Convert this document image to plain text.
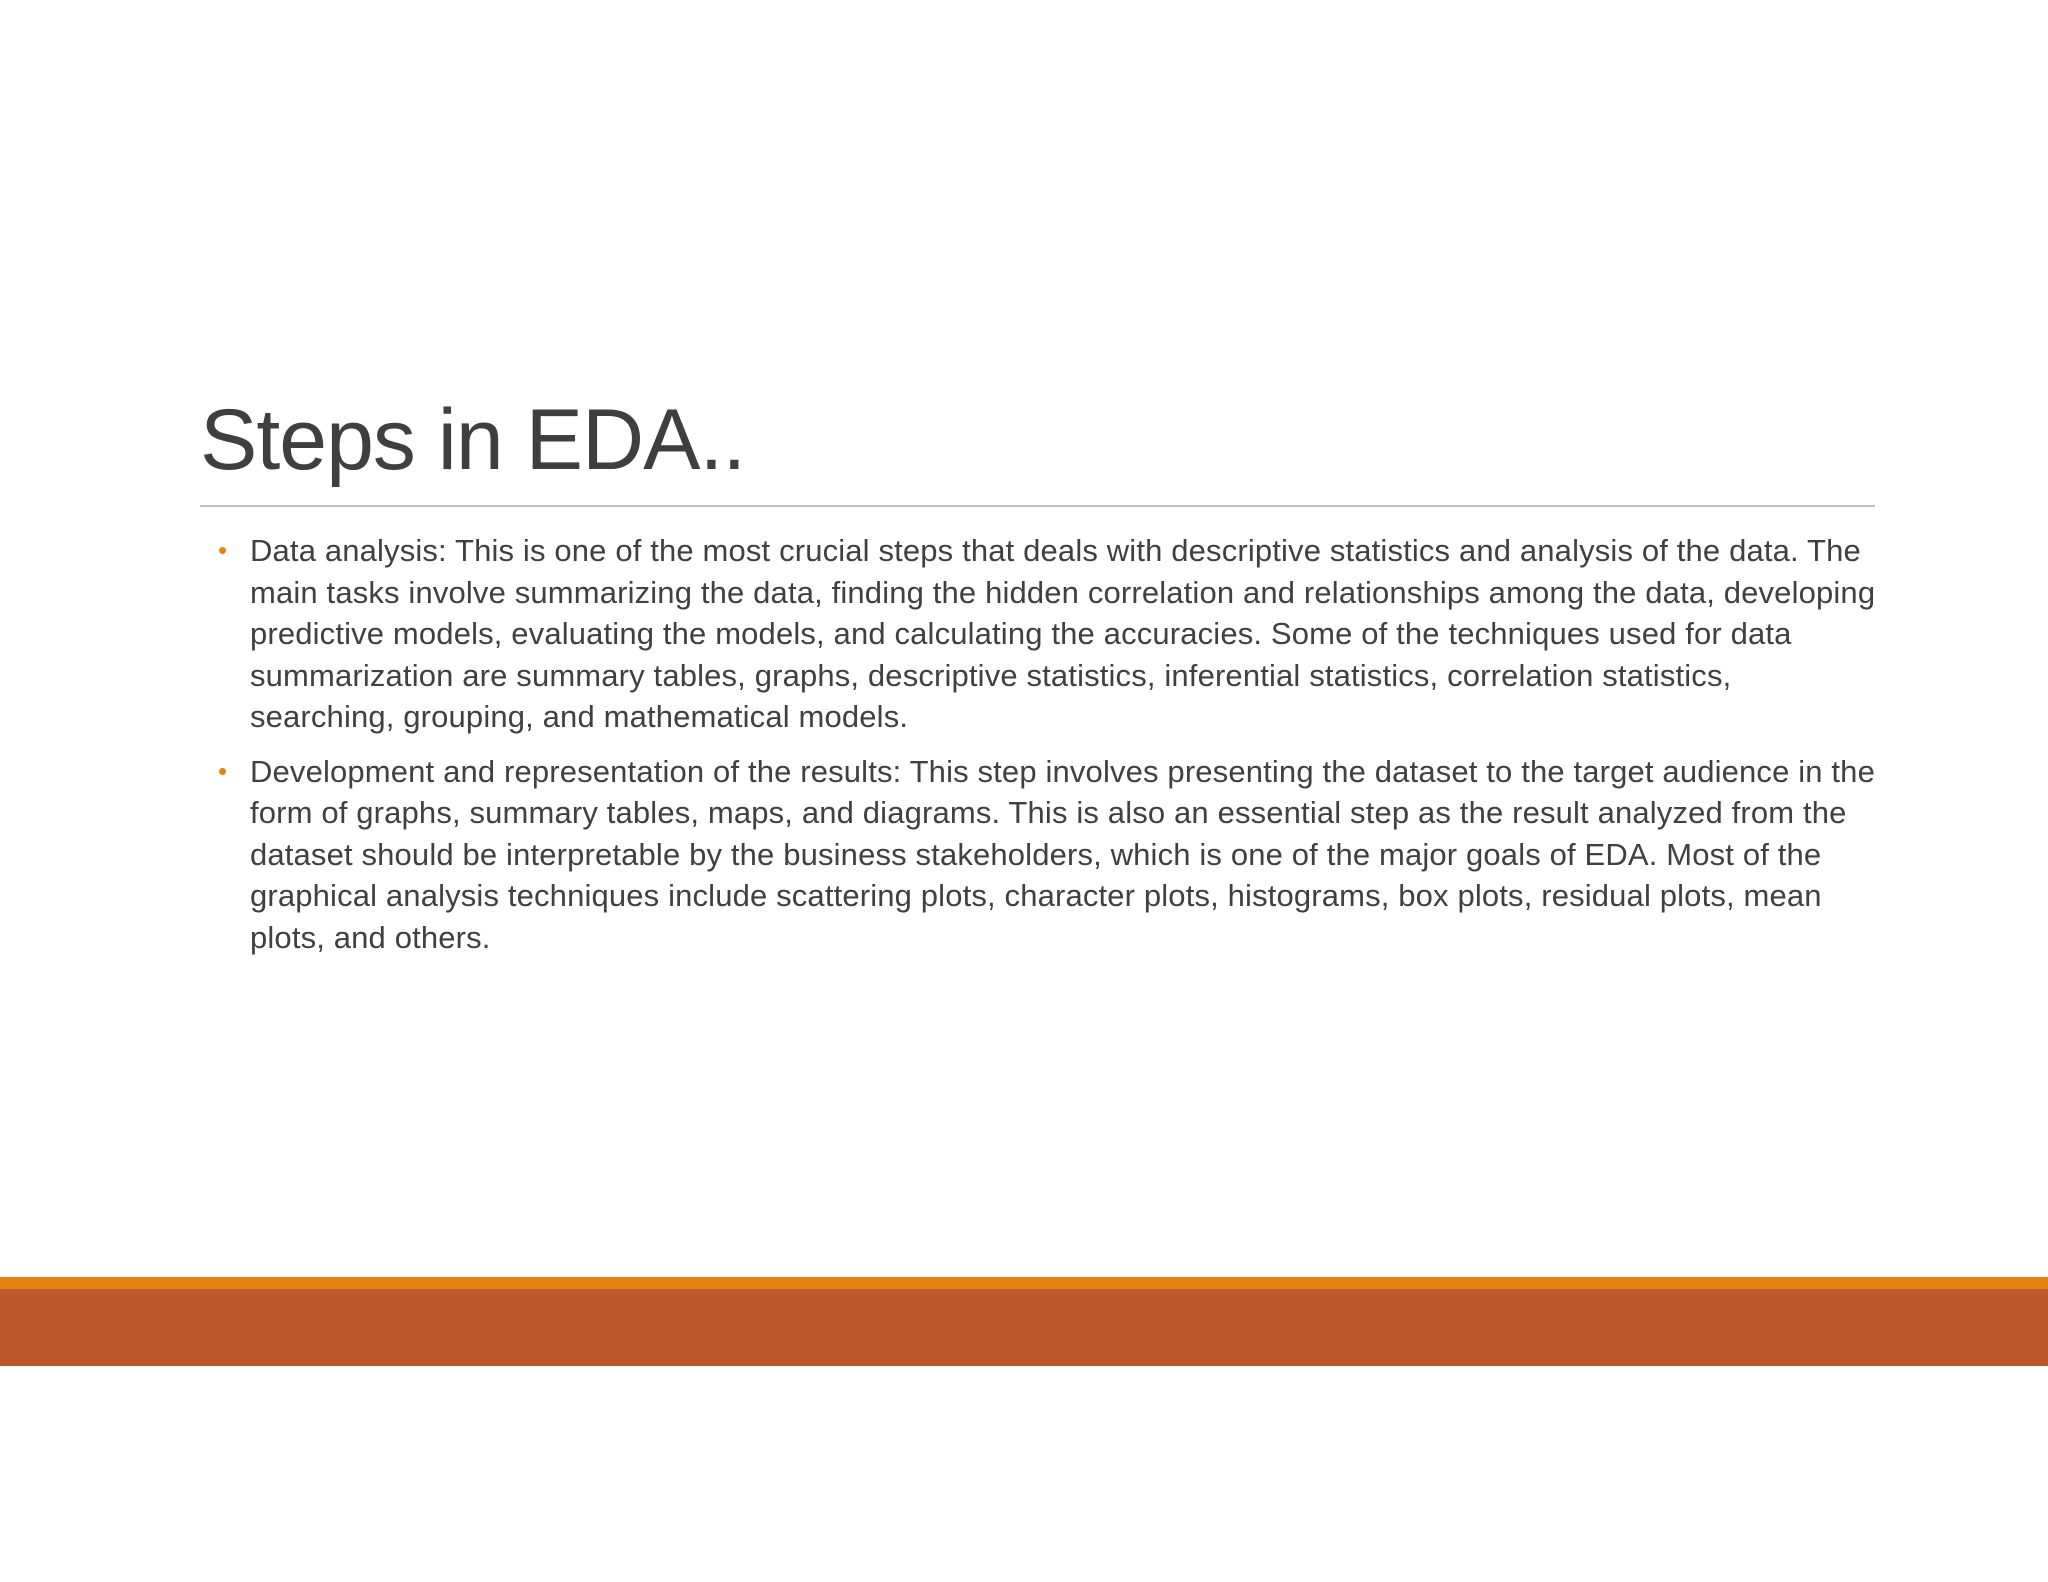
Steps in EDA..
• Data analysis: This is one of the most crucial steps that deals with descriptive statistics and analysis of the data. The main tasks involve summarizing the data, finding the hidden correlation and relationships among the data, developing predictive models, evaluating the models, and calculating the accuracies. Some of the techniques used for data summarization are summary tables, graphs, descriptive statistics, inferential statistics, correlation statistics, searching, grouping, and mathematical models.
• Development and representation of the results: This step involves presenting the dataset to the target audience in the form of graphs, summary tables, maps, and diagrams. This is also an essential step as the result analyzed from the dataset should be interpretable by the business stakeholders, which is one of the major goals of EDA. Most of the graphical analysis techniques include scattering plots, character plots, histograms, box plots, residual plots, mean plots, and others.
